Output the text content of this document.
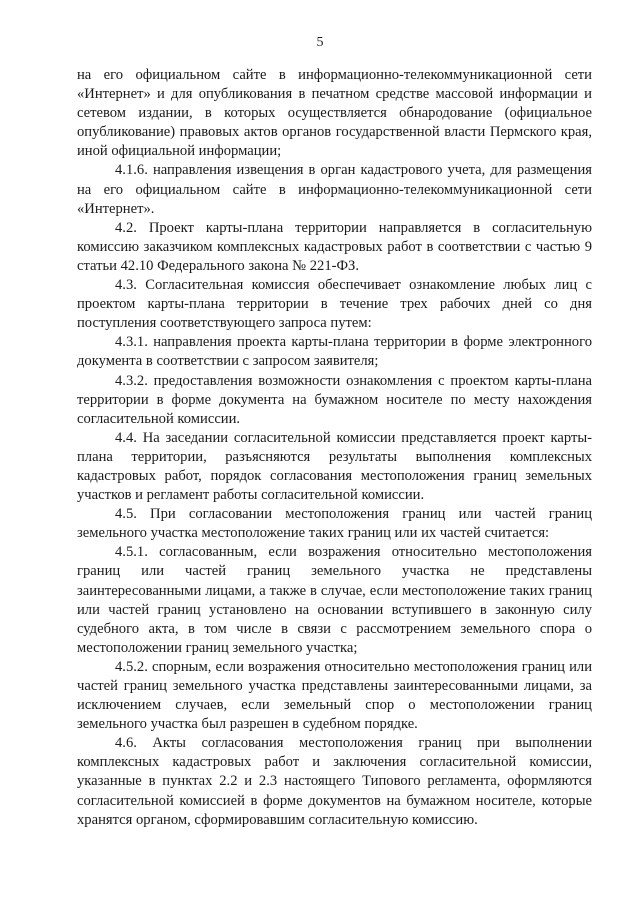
5

на его официальном сайте в информационно-телекоммуникационной сети «Интернет» и для опубликования в печатном средстве массовой информации и сетевом издании, в которых осуществляется обнародование (официальное опубликование) правовых актов органов государственной власти Пермского края, иной официальной информации;

4.1.6. направления извещения в орган кадастрового учета, для размещения на его официальном сайте в информационно-телекоммуникационной сети «Интернет».

4.2. Проект карты-плана территории направляется в согласительную комиссию заказчиком комплексных кадастровых работ в соответствии с частью 9 статьи 42.10 Федерального закона № 221-ФЗ.

4.3. Согласительная комиссия обеспечивает ознакомление любых лиц с проектом карты-плана территории в течение трех рабочих дней со дня поступления соответствующего запроса путем:

4.3.1. направления проекта карты-плана территории в форме электронного документа в соответствии с запросом заявителя;

4.3.2. предоставления возможности ознакомления с проектом карты-плана территории в форме документа на бумажном носителе по месту нахождения согласительной комиссии.

4.4. На заседании согласительной комиссии представляется проект карты-плана территории, разъясняются результаты выполнения комплексных кадастровых работ, порядок согласования местоположения границ земельных участков и регламент работы согласительной комиссии.

4.5. При согласовании местоположения границ или частей границ земельного участка местоположение таких границ или их частей считается:

4.5.1. согласованным, если возражения относительно местоположения границ или частей границ земельного участка не представлены заинтересованными лицами, а также в случае, если местоположение таких границ или частей границ установлено на основании вступившего в законную силу судебного акта, в том числе в связи с рассмотрением земельного спора о местоположении границ земельного участка;

4.5.2. спорным, если возражения относительно местоположения границ или частей границ земельного участка представлены заинтересованными лицами, за исключением случаев, если земельный спор о местоположении границ земельного участка был разрешен в судебном порядке.

4.6. Акты согласования местоположения границ при выполнении комплексных кадастровых работ и заключения согласительной комиссии, указанные в пунктах 2.2 и 2.3 настоящего Типового регламента, оформляются согласительной комиссией в форме документов на бумажном носителе, которые хранятся органом, сформировавшим согласительную комиссию.
